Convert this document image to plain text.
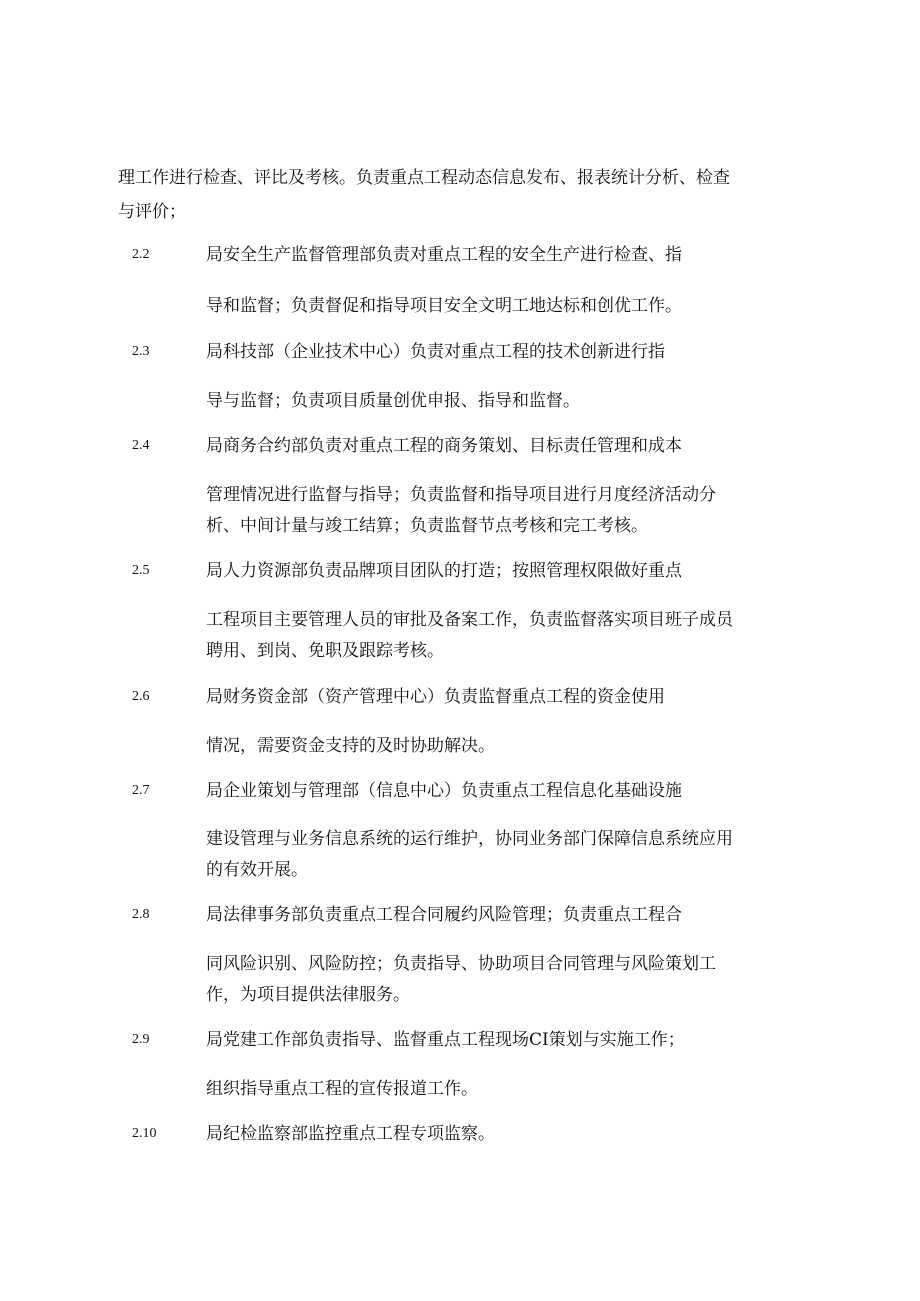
理工作进行检查、评比及考核。负责重点工程动态信息发布、报表统计分析、检查
与评价；
2.2	局安全生产监督管理部负责对重点工程的安全生产进行检查、指
导和监督；负责督促和指导项目安全文明工地达标和创优工作。
2.3	局科技部（企业技术中心）负责对重点工程的技术创新进行指
导与监督；负责项目质量创优申报、指导和监督。
2.4	局商务合约部负责对重点工程的商务策划、目标责任管理和成本
管理情况进行监督与指导；负责监督和指导项目进行月度经济活动分
析、中间计量与竣工结算；负责监督节点考核和完工考核。
2.5	局人力资源部负责品牌项目团队的打造；按照管理权限做好重点
工程项目主要管理人员的审批及备案工作，负责监督落实项目班子成员
聘用、到岗、免职及跟踪考核。
2.6	局财务资金部（资产管理中心）负责监督重点工程的资金使用
情况，需要资金支持的及时协助解决。
2.7	局企业策划与管理部（信息中心）负责重点工程信息化基础设施
建设管理与业务信息系统的运行维护，协同业务部门保障信息系统应用
的有效开展。
2.8	局法律事务部负责重点工程合同履约风险管理；负责重点工程合
同风险识别、风险防控；负责指导、协助项目合同管理与风险策划工
作，为项目提供法律服务。
2.9	局党建工作部负责指导、监督重点工程现场CI策划与实施工作；
组织指导重点工程的宣传报道工作。
2.10	局纪检监察部监控重点工程专项监察。
